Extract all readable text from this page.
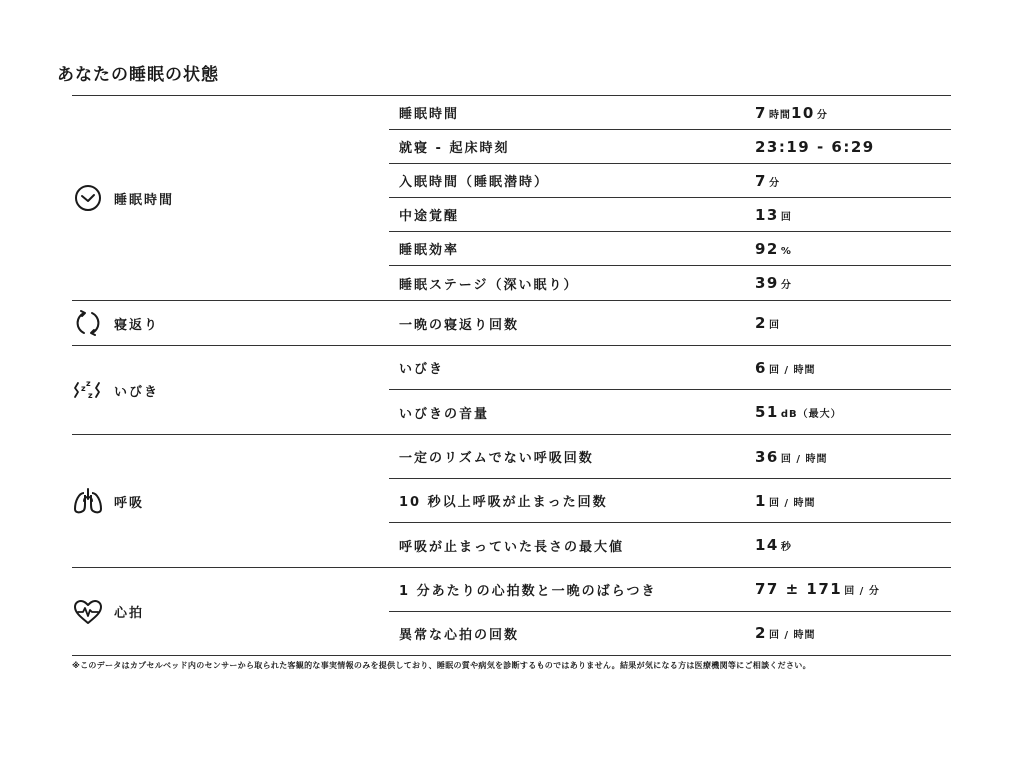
あなたの睡眠の状態
睡眠時間
睡眠時間	7 時間 10 分
就寝 - 起床時刻	23:19 - 6:29
入眠時間（睡眠潜時）	7 分
中途覚醒	13 回
睡眠効率	92 %
睡眠ステージ（深い眠り）	39 分
寝返り	一晩の寝返り回数	2 回
z
z
z いびき
いびき	6 回 / 時間
いびきの音量	51 dB（最大）
呼吸
一定のリズムでない呼吸回数	36 回 / 時間
10 秒以上呼吸が止まった回数	1 回 / 時間
呼吸が止まっていた長さの最大値	14 秒
心拍
1 分あたりの心拍数と一晩のばらつき	77 ± 171 回 / 分
異常な心拍の回数	2 回 / 時間
※このデータはカプセルベッド内のセンサーから取られた客観的な事実情報のみを提供しており、睡眠の質や病気を診断するものではありません。結果が気になる方は医療機関等にご相談ください。
